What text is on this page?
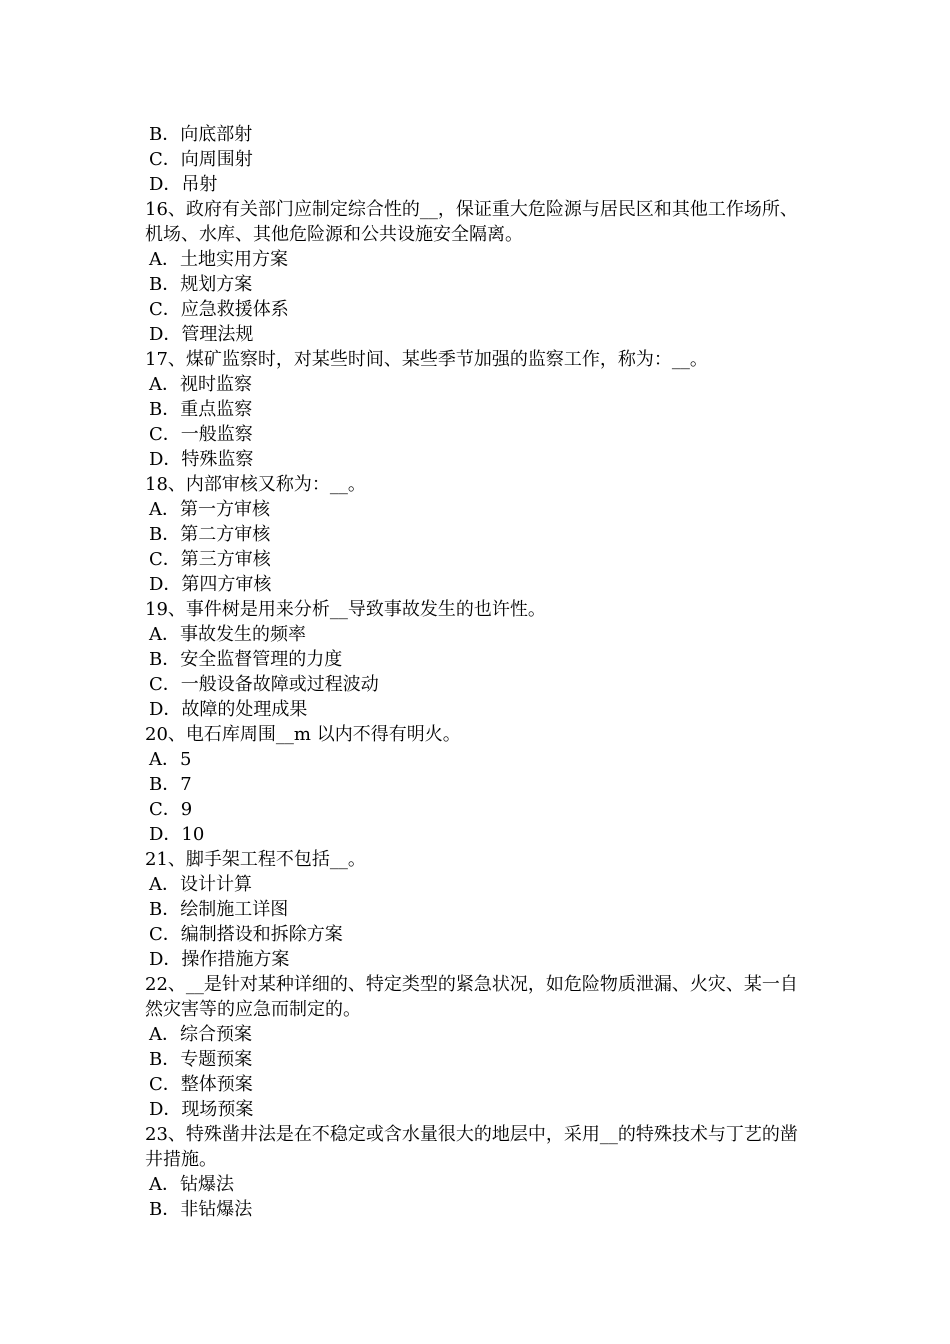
B．向底部射
C．向周围射
D．吊射
16、政府有关部门应制定综合性的__，保证重大危险源与居民区和其他工作场所、机场、水库、其他危险源和公共设施安全隔离。
A．土地实用方案
B．规划方案
C．应急救援体系
D．管理法规
17、煤矿监察时，对某些时间、某些季节加强的监察工作，称为：__。
A．视时监察
B．重点监察
C．一般监察
D．特殊监察
18、内部审核又称为：__。
A．第一方审核
B．第二方审核
C．第三方审核
D．第四方审核
19、事件树是用来分析__导致事故发生的也许性。
A．事故发生的频率
B．安全监督管理的力度
C．一般设备故障或过程波动
D．故障的处理成果
20、电石库周围__m 以内不得有明火。
A．5
B．7
C．9
D．10
21、脚手架工程不包括__。
A．设计计算
B．绘制施工详图
C．编制搭设和拆除方案
D．操作措施方案
22、__是针对某种详细的、特定类型的紧急状况，如危险物质泄漏、火灾、某一自然灾害等的应急而制定的。
A．综合预案
B．专题预案
C．整体预案
D．现场预案
23、特殊凿井法是在不稳定或含水量很大的地层中，采用__的特殊技术与丁艺的凿井措施。
A．钻爆法
B．非钻爆法
